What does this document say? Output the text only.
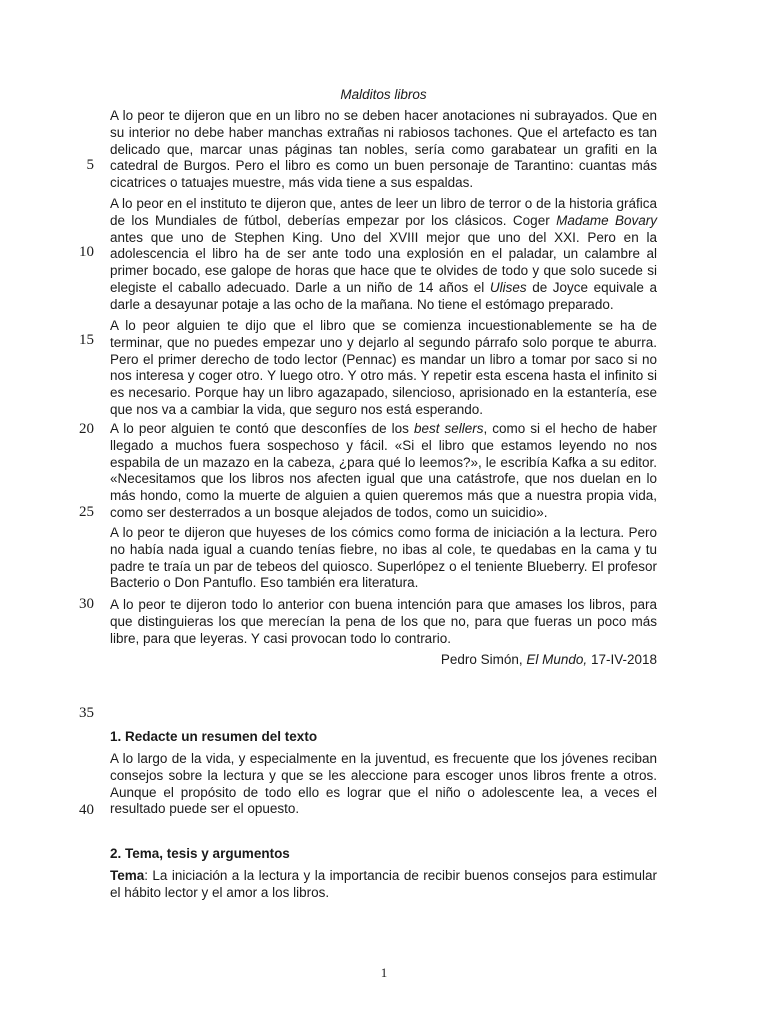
Malditos libros

A lo peor te dijeron que en un libro no se deben hacer anotaciones ni subrayados. Que en su interior no debe haber manchas extrañas ni rabiosos tachones. Que el artefacto es tan delicado que, marcar unas páginas tan nobles, sería como garabatear un grafiti en la catedral de Burgos. Pero el libro es como un buen personaje de Tarantino: cuantas más cicatrices o tatuajes muestre, más vida tiene a sus espaldas.

A lo peor en el instituto te dijeron que, antes de leer un libro de terror o de la historia gráfica de los Mundiales de fútbol, deberías empezar por los clásicos. Coger Madame Bovary antes que uno de Stephen King. Uno del XVIII mejor que uno del XXI. Pero en la adolescencia el libro ha de ser ante todo una explosión en el paladar, un calambre al primer bocado, ese galope de horas que hace que te olvides de todo y que solo sucede si elegiste el caballo adecuado. Darle a un niño de 14 años el Ulises de Joyce equivale a darle a desayunar potaje a las ocho de la mañana. No tiene el estómago preparado.

A lo peor alguien te dijo que el libro que se comienza incuestionablemente se ha de terminar, que no puedes empezar uno y dejarlo al segundo párrafo solo porque te aburra. Pero el primer derecho de todo lector (Pennac) es mandar un libro a tomar por saco si no nos interesa y coger otro. Y luego otro. Y otro más. Y repetir esta escena hasta el infinito si es necesario. Porque hay un libro agazapado, silencioso, aprisionado en la estantería, ese que nos va a cambiar la vida, que seguro nos está esperando.

A lo peor alguien te contó que desconfíes de los best sellers, como si el hecho de haber llegado a muchos fuera sospechoso y fácil. «Si el libro que estamos leyendo no nos espabila de un mazazo en la cabeza, ¿para qué lo leemos?», le escribía Kafka a su editor. «Necesitamos que los libros nos afecten igual que una catástrofe, que nos duelan en lo más hondo, como la muerte de alguien a quien queremos más que a nuestra propia vida, como ser desterrados a un bosque alejados de todos, como un suicidio».

A lo peor te dijeron que huyeses de los cómics como forma de iniciación a la lectura. Pero no había nada igual a cuando tenías fiebre, no ibas al cole, te quedabas en la cama y tu padre te traía un par de tebeos del quiosco. Superlópez o el teniente Blueberry. El profesor Bacterio o Don Pantuflo. Eso también era literatura.

A lo peor te dijeron todo lo anterior con buena intención para que amases los libros, para que distinguieras los que merecían la pena de los que no, para que fueras un poco más libre, para que leyeras. Y casi provocan todo lo contrario.

Pedro Simón, El Mundo, 17-IV-2018
5
10
15
20
25
30
35
40
1. Redacte un resumen del texto

A lo largo de la vida, y especialmente en la juventud, es frecuente que los jóvenes reciban consejos sobre la lectura y que se les aleccione para escoger unos libros frente a otros. Aunque el propósito de todo ello es lograr que el niño o adolescente lea, a veces el resultado puede ser el opuesto.

2. Tema, tesis y argumentos

Tema: La iniciación a la lectura y la importancia de recibir buenos consejos para estimular el hábito lector y el amor a los libros.

1
